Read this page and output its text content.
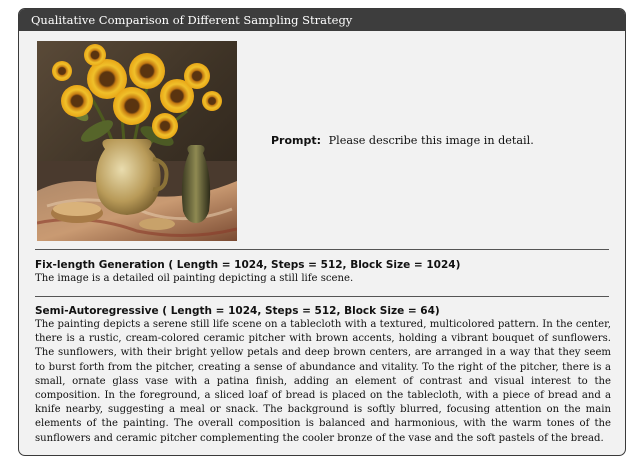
Qualitative Comparison of Different Sampling Strategy
Prompt: Please describe this image in detail.
Fix-length Generation ( Length = 1024, Steps = 512, Block Size = 1024)
The image is a detailed oil painting depicting a still life scene.
Semi-Autoregressive ( Length = 1024, Steps = 512, Block Size = 64)
The painting depicts a serene still life scene on a tablecloth with a textured, multicolored pattern. In the center, there is a rustic, cream-colored ceramic pitcher with brown accents, holding a vibrant bouquet of sunflowers. The sunflowers, with their bright yellow petals and deep brown centers, are arranged in a way that they seem to burst forth from the pitcher, creating a sense of abundance and vitality. To the right of the pitcher, there is a small, ornate glass vase with a patina finish, adding an element of contrast and visual interest to the composition. In the foreground, a sliced loaf of bread is placed on the tablecloth, with a piece of bread and a knife nearby, suggesting a meal or snack. The background is softly blurred, focusing attention on the main elements of the painting. The overall composition is balanced and harmonious, with the warm tones of the sunflowers and ceramic pitcher complementing the cooler bronze of the vase and the soft pastels of the bread.
